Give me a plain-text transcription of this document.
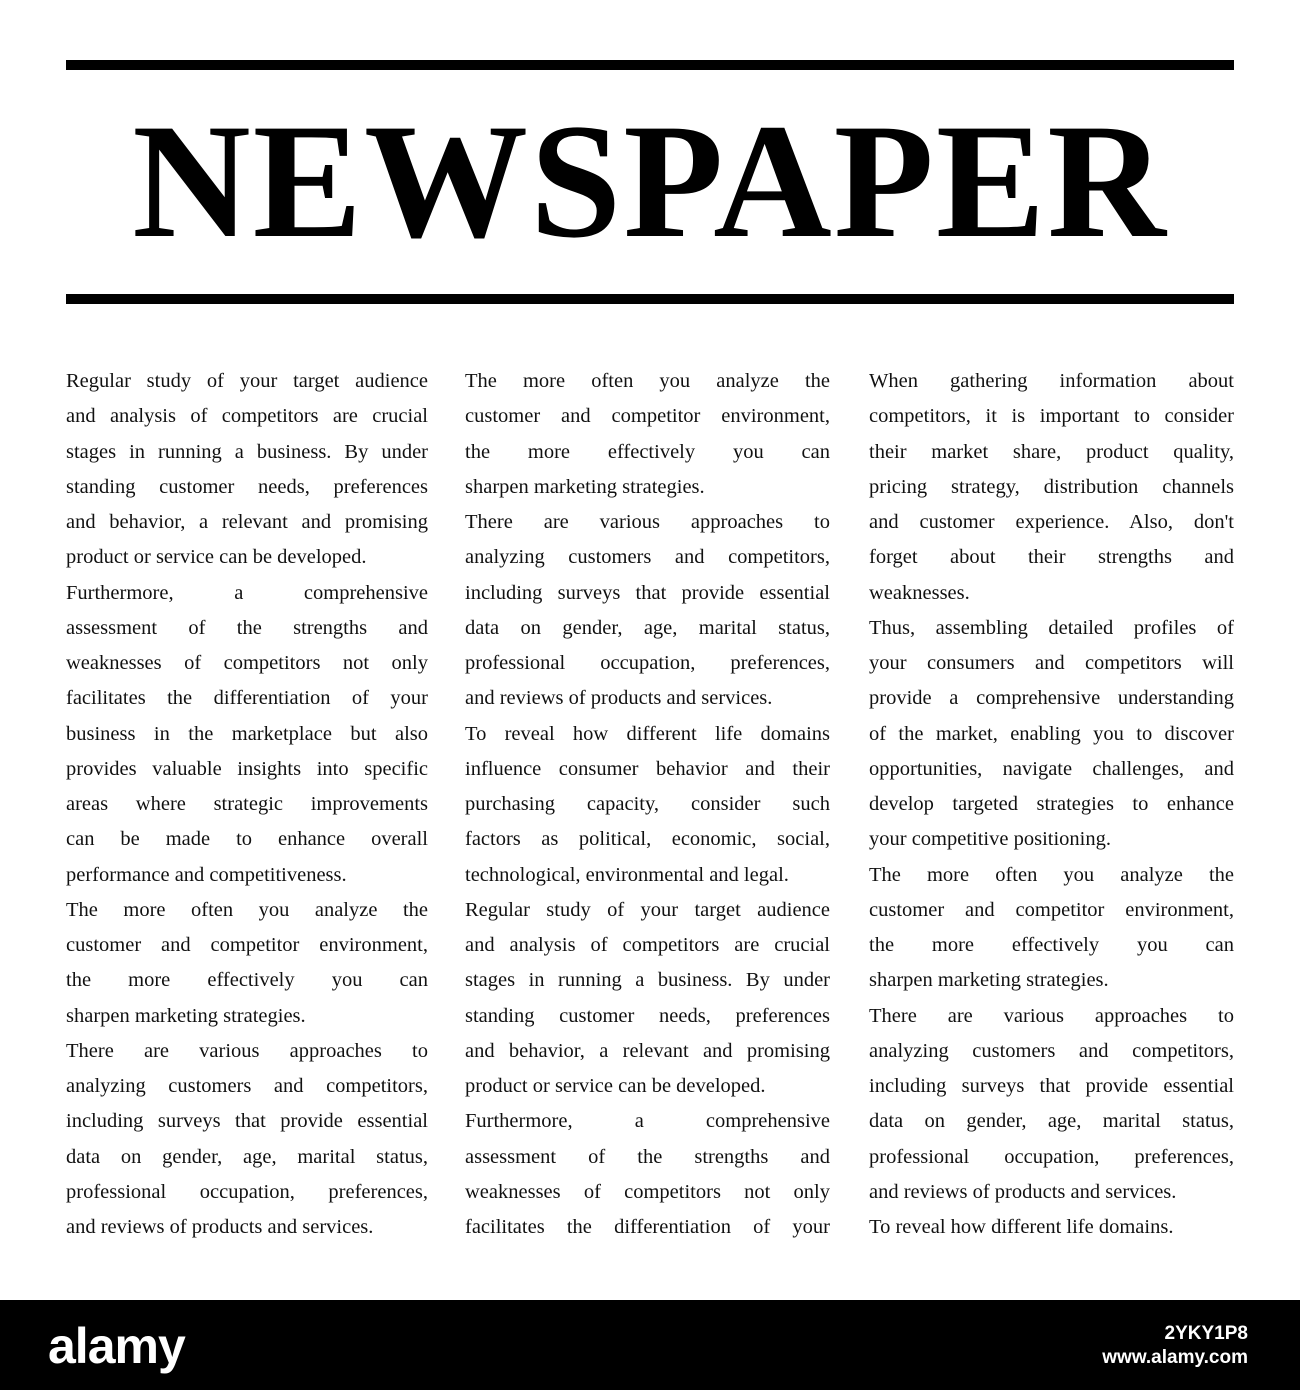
NEWSPAPER
Regular study of your target audience
and analysis of competitors are crucial
stages in running a business. By under
standing customer needs, preferences
and behavior, a relevant and promising
product or service can be developed.
Furthermore, a comprehensive
assessment of the strengths and
weaknesses of competitors not only
facilitates the differentiation of your
business in the marketplace but also
provides valuable insights into specific
areas where strategic improvements
can be made to enhance overall
performance and competitiveness.
The more often you analyze the
customer and competitor environment,
the more effectively you can
sharpen marketing strategies.
There are various approaches to
analyzing customers and competitors,
including surveys that provide essential
data on gender, age, marital status,
professional occupation, preferences,
and reviews of products and services.
The more often you analyze the
customer and competitor environment,
the more effectively you can
sharpen marketing strategies.
There are various approaches to
analyzing customers and competitors,
including surveys that provide essential
data on gender, age, marital status,
professional occupation, preferences,
and reviews of products and services.
To reveal how different life domains
influence consumer behavior and their
purchasing capacity, consider such
factors as political, economic, social,
technological, environmental and legal.
Regular study of your target audience
and analysis of competitors are crucial
stages in running a business. By under
standing customer needs, preferences
and behavior, a relevant and promising
product or service can be developed.
Furthermore, a comprehensive
assessment of the strengths and
weaknesses of competitors not only
facilitates the differentiation of your
When gathering information about
competitors, it is important to consider
their market share, product quality,
pricing strategy, distribution channels
and customer experience. Also, don't
forget about their strengths and
weaknesses.
Thus, assembling detailed profiles of
your consumers and competitors will
provide a comprehensive understanding
of the market, enabling you to discover
opportunities, navigate challenges, and
develop targeted strategies to enhance
your competitive positioning.
The more often you analyze the
customer and competitor environment,
the more effectively you can
sharpen marketing strategies.
There are various approaches to
analyzing customers and competitors,
including surveys that provide essential
data on gender, age, marital status,
professional occupation, preferences,
and reviews of products and services.
To reveal how different life domains.
alamy	2YKY1P8
www.alamy.com
